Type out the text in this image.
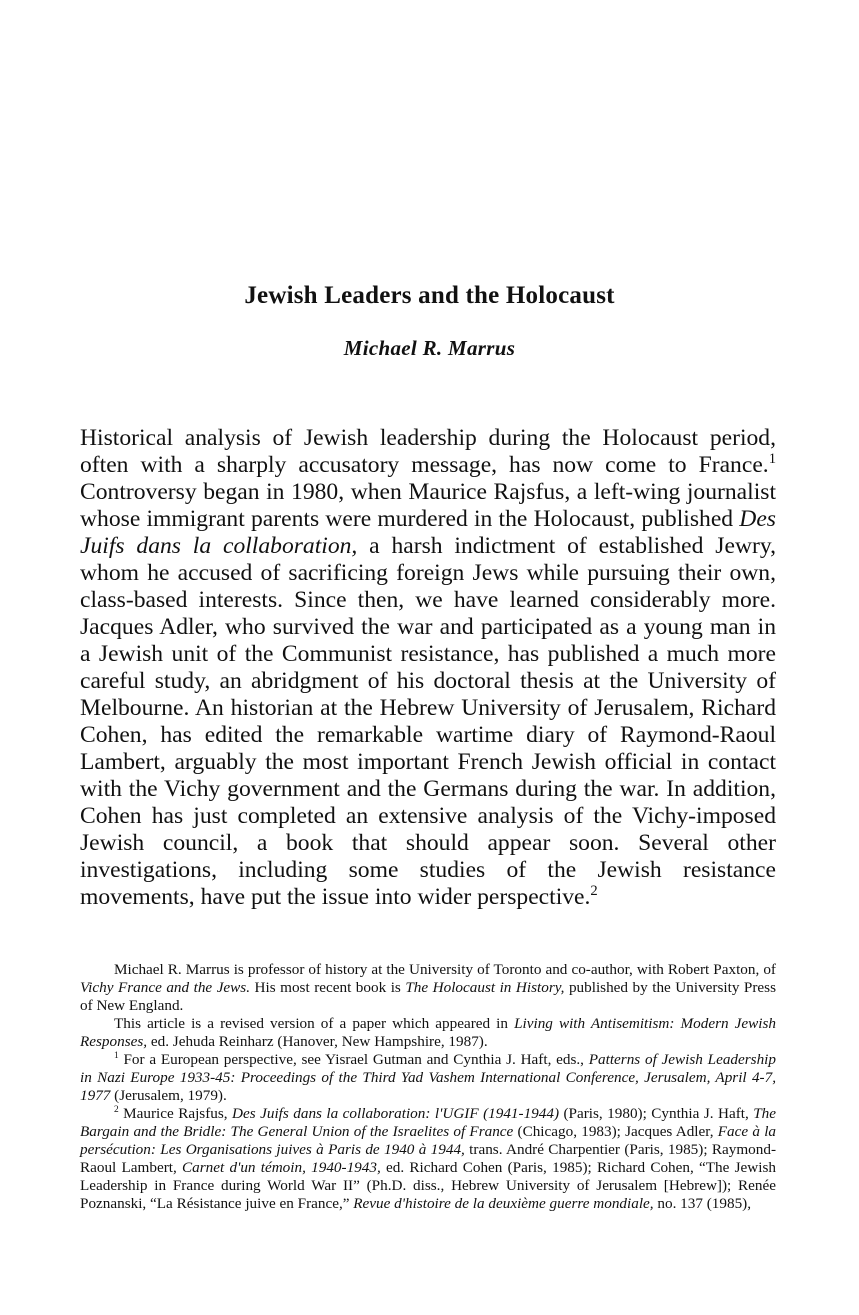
Jewish Leaders and the Holocaust
Michael R. Marrus

Historical analysis of Jewish leadership during the Holocaust period, often with a sharply accusatory message, has now come to France.$^1$ Controversy began in 1980, when Maurice Rajsfus, a left-wing journalist whose immigrant parents were murdered in the Holocaust, published Des Juifs dans la collaboration, a harsh indictment of established Jewry, whom he accused of sacrificing foreign Jews while pursuing their own, class-based interests. Since then, we have learned considerably more. Jacques Adler, who survived the war and participated as a young man in a Jewish unit of the Communist resistance, has published a much more careful study, an abridgment of his doctoral thesis at the University of Melbourne. An historian at the Hebrew University of Jerusalem, Richard Cohen, has edited the remarkable wartime diary of Raymond-Raoul Lambert, arguably the most important French Jewish official in contact with the Vichy government and the Germans during the war. In addition, Cohen has just completed an extensive analysis of the Vichy-imposed Jewish council, a book that should appear soon. Several other investigations, including some studies of the Jewish resistance movements, have put the issue into wider perspective.$^2$

Michael R. Marrus is professor of history at the University of Toronto and co-author, with Robert Paxton, of Vichy France and the Jews. His most recent book is The Holocaust in History, published by the University Press of New England.

This article is a revised version of a paper which appeared in Living with Antisemitism: Modern Jewish Responses, ed. Jehuda Reinharz (Hanover, New Hampshire, 1987).

$^1$ For a European perspective, see Yisrael Gutman and Cynthia J. Haft, eds., Patterns of Jewish Leadership in Nazi Europe 1933-45: Proceedings of the Third Yad Vashem International Conference, Jerusalem, April 4-7, 1977 (Jerusalem, 1979).

$^2$ Maurice Rajsfus, Des Juifs dans la collaboration: l'UGIF (1941-1944) (Paris, 1980); Cynthia J. Haft, The Bargain and the Bridle: The General Union of the Israelites of France (Chicago, 1983); Jacques Adler, Face à la persécution: Les Organisations juives à Paris de 1940 à 1944, trans. André Charpentier (Paris, 1985); Raymond-Raoul Lambert, Carnet d'un témoin, 1940-1943, ed. Richard Cohen (Paris, 1985); Richard Cohen, “The Jewish Leadership in France during World War II” (Ph.D. diss., Hebrew University of Jerusalem [Hebrew]); Renée Poznanski, “La Résistance juive en France,” Revue d'histoire de la deuxième guerre mondiale, no. 137 (1985),
